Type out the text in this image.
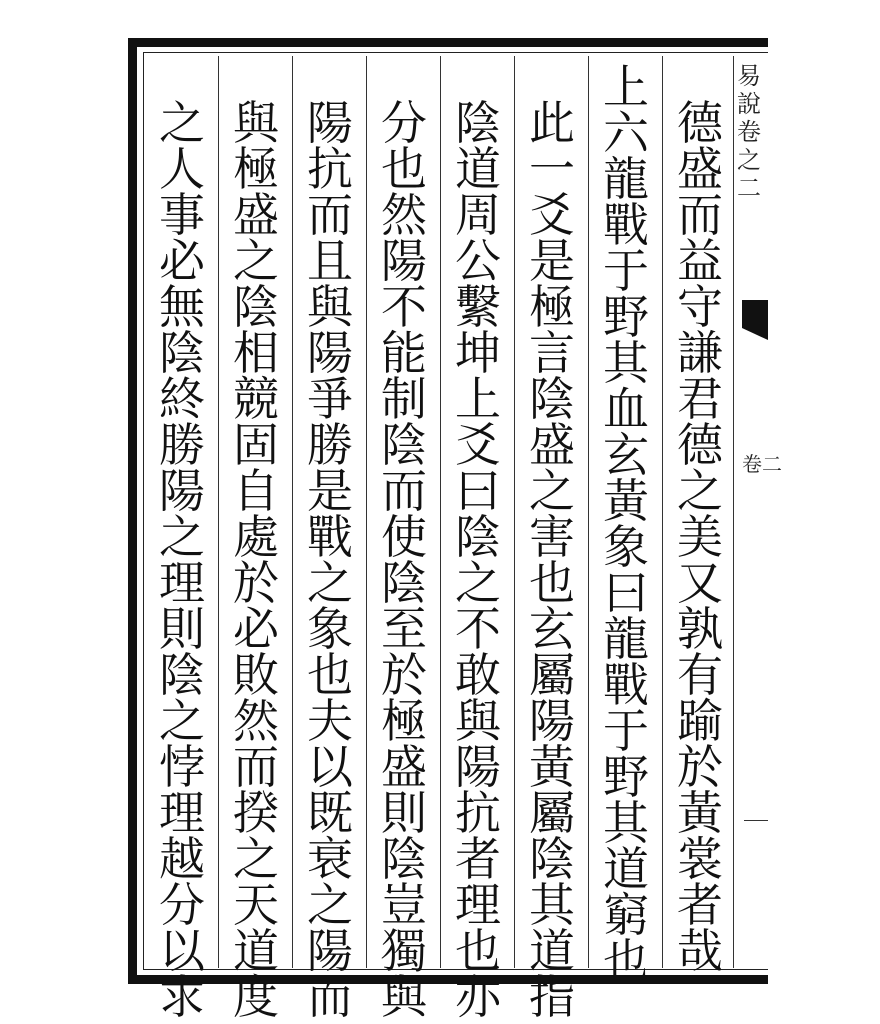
德
盛
而
益
守
謙
君
德
之
美
又
孰
有
踰
於
黃
裳
者
哉
上
六
龍
戰
于
野
其
血
玄
黃
象
曰
龍
戰
于
野
其
道
窮
也
此
一
爻
是
極
言
陰
盛
之
害
也
玄
屬
陽
黃
屬
陰
其
道
指
陰
道
周
公
繫
坤
上
爻
曰
陰
之
不
敢
與
陽
抗
者
理
也
亦
分
也
然
陽
不
能
制
陰
而
使
陰
至
於
極
盛
則
陰
豈
獨
與
陽
抗
而
且
與
陽
爭
勝
是
戰
之
象
也
夫
以
既
衰
之
陽
而
與
極
盛
之
陰
相
競
固
自
處
於
必
敗
然
而
揆
之
天
道
度
之
人
事
必
無
陰
終
勝
陽
之
理
則
陰
之
悖
理
越
分
以
求
易
說
卷
之
二
卷二
